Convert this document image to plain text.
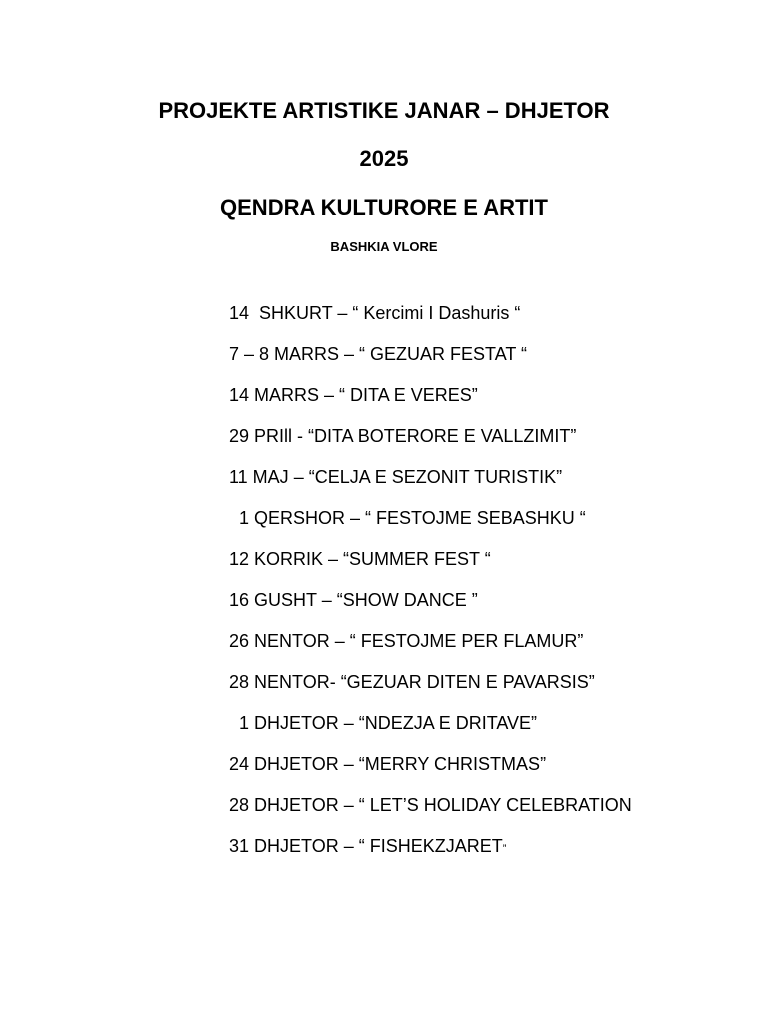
PROJEKTE ARTISTIKE JANAR – DHJETOR
2025
QENDRA KULTURORE E ARTIT
BASHKIA VLORE
14  SHKURT – “ Kercimi I Dashuris “
7 – 8 MARRS – “ GEZUAR FESTAT “
14 MARRS – “ DITA E VERES”
29 PRIll - “DITA BOTERORE E VALLZIMIT”
11 MAJ – “CELJA E SEZONIT TURISTIK”
1 QERSHOR – “ FESTOJME SEBASHKU “
12 KORRIK – “SUMMER FEST “
16 GUSHT – “SHOW DANCE ”
26 NENTOR – “ FESTOJME PER FLAMUR”
28 NENTOR- “GEZUAR DITEN E PAVARSIS”
1 DHJETOR – “NDEZJA E DRITAVE”
24 DHJETOR – “MERRY CHRISTMAS”
28 DHJETOR – “ LET’S HOLIDAY CELEBRATION
31 DHJETOR – “ FISHEKZJARET”
